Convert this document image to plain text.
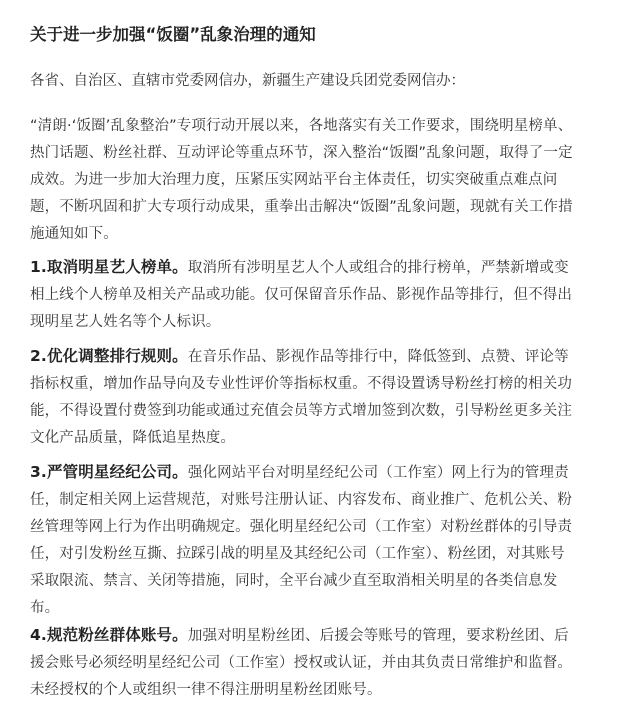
关于进一步加强“饭圈”乱象治理的通知
各省、自治区、直辖市党委网信办，新疆生产建设兵团党委网信办：
“清朗·‘饭圈’乱象整治”专项行动开展以来，各地落实有关工作要求，围绕明星榜单、
热门话题、粉丝社群、互动评论等重点环节，深入整治“饭圈”乱象问题，取得了一定
成效。为进一步加大治理力度，压紧压实网站平台主体责任，切实突破重点难点问
题，不断巩固和扩大专项行动成果，重拳出击解决“饭圈”乱象问题，现就有关工作措
施通知如下。
1.取消明星艺人榜单。取消所有涉明星艺人个人或组合的排行榜单，严禁新增或变
相上线个人榜单及相关产品或功能。仅可保留音乐作品、影视作品等排行，但不得出
现明星艺人姓名等个人标识。
2.优化调整排行规则。在音乐作品、影视作品等排行中，降低签到、点赞、评论等
指标权重，增加作品导向及专业性评价等指标权重。不得设置诱导粉丝打榜的相关功
能，不得设置付费签到功能或通过充值会员等方式增加签到次数，引导粉丝更多关注
文化产品质量，降低追星热度。
3.严管明星经纪公司。强化网站平台对明星经纪公司（工作室）网上行为的管理责
任，制定相关网上运营规范，对账号注册认证、内容发布、商业推广、危机公关、粉
丝管理等网上行为作出明确规定。强化明星经纪公司（工作室）对粉丝群体的引导责
任，对引发粉丝互撕、拉踩引战的明星及其经纪公司（工作室）、粉丝团，对其账号
采取限流、禁言、关闭等措施，同时，全平台减少直至取消相关明星的各类信息发
布。
4.规范粉丝群体账号。加强对明星粉丝团、后援会等账号的管理，要求粉丝团、后
援会账号必须经明星经纪公司（工作室）授权或认证，并由其负责日常维护和监督。
未经授权的个人或组织一律不得注册明星粉丝团账号。
